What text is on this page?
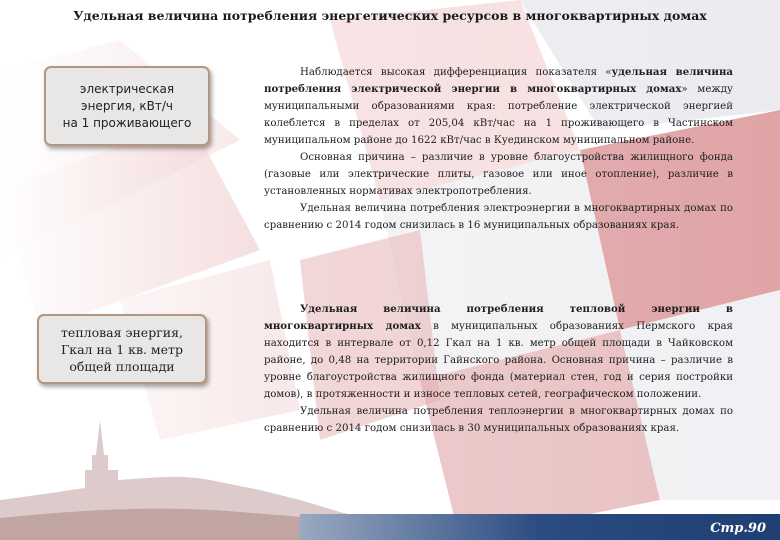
Удельная величина потребления энергетических ресурсов в многоквартирных домах
электрическая
энергия, кВт/ч
на 1 проживающего

Наблюдается высокая дифференциация показателя «удельная величина потребления электрической энергии в многоквартирных домах» между муниципальными образованиями края: потребление электрической энергией колеблется в пределах от 205,04 кВт/час на 1 проживающего в Частинском муниципальном районе до 1622 кВт/час в Куединском муниципальном районе.

Основная причина – различие в уровне благоустройства жилищного фонда (газовые или электрические плиты, газовое или иное отопление), различие в установленных нормативах электропотребления.

Удельная величина потребления электроэнергии в многоквартирных домах по сравнению с 2014 годом снизилась в 16 муниципальных образованиях края.

тепловая энергия,
Гкал на 1 кв. метр
общей площади

Удельная величина потребления тепловой энергии в многоквартирных домах в муниципальных образованиях Пермского края находится в интервале от 0,12 Гкал на 1 кв. метр общей площади в Чайковском районе, до 0,48 на территории Гайнского района. Основная причина – различие в уровне благоустройства жилищного фонда (материал стен, год и серия постройки домов), в протяженности и износе тепловых сетей, географическом положении.

Удельная величина потребления теплоэнергии в многоквартирных домах по сравнению с 2014 годом снизилась в 30 муниципальных образованиях края.

Стр.90
